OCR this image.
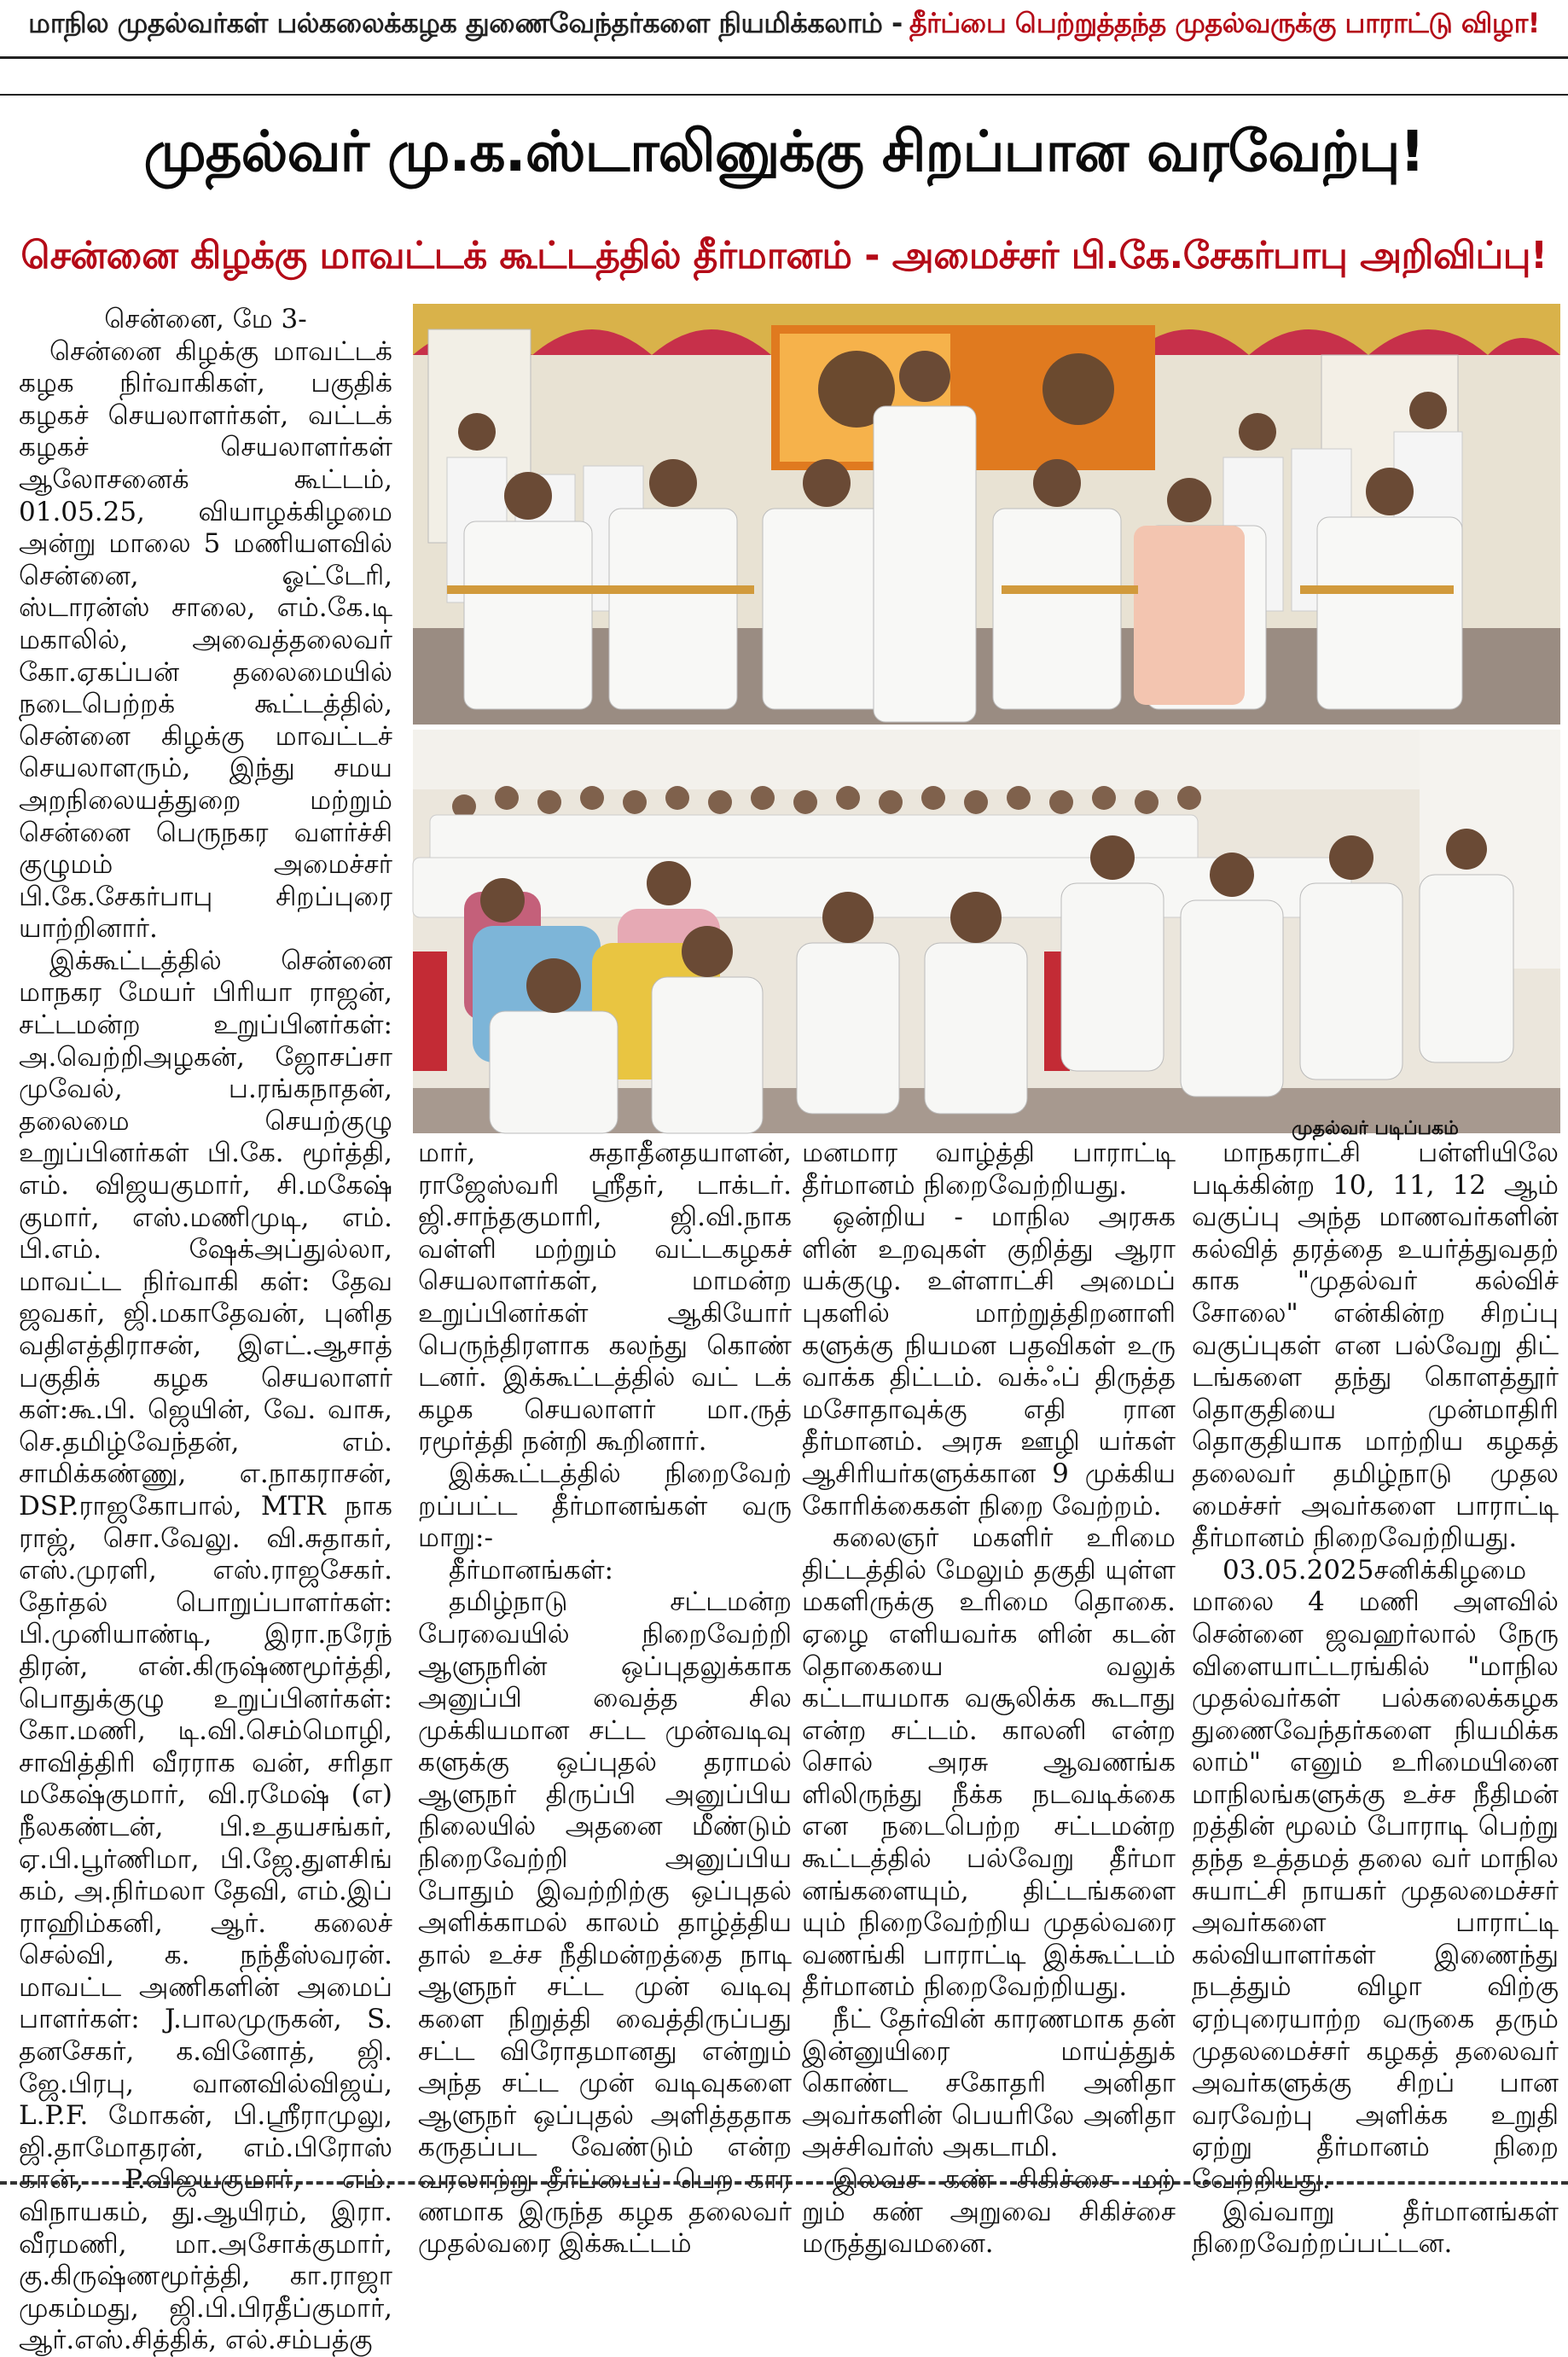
மாநில முதல்வர்கள் பல்கலைக்கழக துணைவேந்தர்களை நியமிக்கலாம் - தீர்ப்பை பெற்றுத்தந்த முதல்வருக்கு பாராட்டு விழா!
முதல்வர் மு.க.ஸ்டாலினுக்கு சிறப்பான வரவேற்பு!
சென்னை கிழக்கு மாவட்டக் கூட்டத்தில் தீர்மானம் - அமைச்சர் பி.கே.சேகர்பாபு அறிவிப்பு!

சென்னை, மே 3-

சென்னை கிழக்கு மாவட்டக் கழக நிர்வாகிகள், பகுதிக் கழகச் செயலாளர்கள், வட்டக் கழகச் செயலாளர்கள் ஆலோசனைக் கூட்டம், 01.05.25, வியாழக்கிழமை அன்று மாலை 5 மணியளவில் சென்னை, ஓட்டேரி, ஸ்டாரன்ஸ் சாலை, எம்.கே.டி மகாலில், அவைத்தலைவர் கோ.ஏகப்பன் தலைமையில் நடைபெற்றக் கூட்டத்தில், சென்னை கிழக்கு மாவட்டச் செயலாளரும், இந்து சமய அறநிலையத்துறை மற்றும் சென்னை பெருநகர வளர்ச்சி குழுமம் அமைச்சர் பி.கே.சேகர்பாபு சிறப்புரை யாற்றினார்.

இக்கூட்டத்தில் சென்னை மாநகர மேயர் பிரியா ராஜன், சட்டமன்ற உறுப்பினர்கள்: அ.வெற்றிஅழகன், ஜோசப்சா முவேல், ப.ரங்கநாதன், தலைமை செயற்குழு உறுப்பினர்கள் பி.கே. மூர்த்தி, எம். விஜயகுமார், சி.மகேஷ் குமார், எஸ்.மணிமுடி, எம். பி.எம். ஷேக்அப்துல்லா, மாவட்ட நிர்வாகி கள்: தேவ ஜவகர், ஜி.மகாதேவன், புனித வதிஎத்திராசன், இஎட்.ஆசாத் பகுதிக் கழக செயலாளர் கள்:கூ.பி. ஜெயின், வே. வாசு, செ.தமிழ்வேந்தன், எம். சாமிக்கண்ணு, எ.நாகராசன், DSP.ராஜகோபால், MTR நாக ராஜ், சொ.வேலு. வி.சுதாகர், எஸ்.முரளி, எஸ்.ராஜசேகர். தேர்தல் பொறுப்பாளர்கள்: பி.முனியாண்டி, இரா.நரேந் திரன், என்.கிருஷ்ணமூர்த்தி, பொதுக்குழு உறுப்பினர்கள்: கோ.மணி, டி.வி.செம்மொழி, சாவித்திரி வீரராக வன், சரிதா மகேஷ்குமார், வி.ரமேஷ் (எ) நீலகண்டன், பி.உதயசங்கர், ஏ.பி.பூர்ணிமா, பி.ஜே.துளசிங் கம், அ.நிர்மலா தேவி, எம்.இப் ராஹிம்கனி, ஆர். கலைச் செல்வி, க. நந்தீஸ்வரன். மாவட்ட அணிகளின் அமைப் பாளர்கள்: J.பாலமுருகன், S. தனசேகர், க.வினோத், ஜி. ஜே.பிரபு, வானவில்விஜய், L.P.F. மோகன், பி.ஸ்ரீராமுலு, ஜி.தாமோதரன், எம்.பிரோஸ் கான், P.விஜயகுமார், எம். விநாயகம், து.ஆயிரம், இரா. வீரமணி, மா.அசோக்குமார், கு.கிருஷ்ணமூர்த்தி, கா.ராஜா முகம்மது, ஜி.பி.பிரதீப்குமார், ஆர்.எஸ்.சித்திக், எல்.சம்பத்கு

முதல்வர் படிப்பகம்

மார், சுதாதீனதயாளன், ராஜேஸ்வரி ஸ்ரீதர், டாக்டர். ஜி.சாந்தகுமாரி, ஜி.வி.நாக வள்ளி மற்றும் வட்டகழகச் செயலாளர்கள், மாமன்ற உறுப்பினர்கள் ஆகியோர் பெருந்திரளாக கலந்து கொண் டனர். இக்கூட்டத்தில் வட் டக் கழக செயலாளர் மா.ருத் ரமூர்த்தி நன்றி கூறினார்.

இக்கூட்டத்தில் நிறைவேற் றப்பட்ட தீர்மானங்கள் வரு மாறு:-

தீர்மானங்கள்:

தமிழ்நாடு சட்டமன்ற பேரவையில் நிறைவேற்றி ஆளுநரின் ஒப்புதலுக்காக அனுப்பி வைத்த சில முக்கியமான சட்ட முன்வடிவு களுக்கு ஒப்புதல் தராமல் ஆளுநர் திருப்பி அனுப்பிய நிலையில் அதனை மீண்டும் நிறைவேற்றி அனுப்பிய போதும் இவற்றிற்கு ஒப்புதல் அளிக்காமல் காலம் தாழ்த்திய தால் உச்ச நீதிமன்றத்தை நாடி ஆளுநர் சட்ட முன் வடிவு களை நிறுத்தி வைத்திருப்பது சட்ட விரோதமானது என்றும் அந்த சட்ட முன் வடிவுகளை ஆளுநர் ஒப்புதல் அளித்ததாக கருதப்பட வேண்டும் என்ற வரலாற்று தீர்ப்பைப் பெற கார ணமாக இருந்த கழக தலைவர் முதல்வரை இக்கூட்டம்

மனமார வாழ்த்தி பாராட்டி தீர்மானம் நிறைவேற்றியது.

ஒன்றிய - மாநில அரசுக ளின் உறவுகள் குறித்து ஆரா யக்குழு. உள்ளாட்சி அமைப் புகளில் மாற்றுத்திறனாளி களுக்கு நியமன பதவிகள் உரு வாக்க திட்டம். வக்ஃப் திருத்த மசோதாவுக்கு எதி ரான தீர்மானம். அரசு ஊழி யர்கள் ஆசிரியர்களுக்கான 9 முக்கிய கோரிக்கைகள் நிறை வேற்றம்.

கலைஞர் மகளிர் உரிமை திட்டத்தில் மேலும் தகுதி யுள்ள மகளிருக்கு உரிமை தொகை. ஏழை எளியவர்க ளின் கடன் தொகையை வலுக் கட்டாயமாக வசூலிக்க கூடாது என்ற சட்டம். காலனி என்ற சொல் அரசு ஆவணங்க ளிலிருந்து நீக்க நடவடிக்கை என நடைபெற்ற சட்டமன்ற கூட்டத்தில் பல்வேறு தீர்மா னங்களையும், திட்டங்களை யும் நிறைவேற்றிய முதல்வரை வணங்கி பாராட்டி இக்கூட்டம் தீர்மானம் நிறைவேற்றியது.

நீட் தேர்வின் காரணமாக தன் இன்னுயிரை மாய்த்துக் கொண்ட சகோதரி அனிதா அவர்களின் பெயரிலே அனிதா அச்சிவர்ஸ் அகடாமி.

இலவச கண் சிகிச்சை மற் றும் கண் அறுவை சிகிச்சை மருத்துவமனை.

மாநகராட்சி பள்ளியிலே படிக்கின்ற 10, 11, 12 ஆம் வகுப்பு அந்த மாணவர்களின் கல்வித் தரத்தை உயர்த்துவதற் காக "முதல்வர் கல்விச் சோலை" என்கின்ற சிறப்பு வகுப்புகள் என பல்வேறு திட் டங்களை தந்து கொளத்தூர் தொகுதியை முன்மாதிரி தொகுதியாக மாற்றிய கழகத் தலைவர் தமிழ்நாடு முதல மைச்சர் அவர்களை பாராட்டி தீர்மானம் நிறைவேற்றியது.

03.05.2025சனிக்கிழமை மாலை 4 மணி அளவில் சென்னை ஜவஹர்லால் நேரு விளையாட்டரங்கில் "மாநில முதல்வர்கள் பல்கலைக்கழக துணைவேந்தர்களை நியமிக்க லாம்" எனும் உரிமையினை மாநிலங்களுக்கு உச்ச நீதிமன் றத்தின் மூலம் போராடி பெற்று தந்த உத்தமத் தலை வர் மாநில சுயாட்சி நாயகர் முதலமைச்சர் அவர்களை பாராட்டி கல்வியாளர்கள் இணைந்து நடத்தும் விழா விற்கு ஏற்புரையாற்ற வருகை தரும் முதலமைச்சர் கழகத் தலைவர் அவர்களுக்கு சிறப் பான வரவேற்பு அளிக்க உறுதி ஏற்று தீர்மானம் நிறை வேற்றியது.

இவ்வாறு தீர்மானங்கள் நிறைவேற்றப்பட்டன.
